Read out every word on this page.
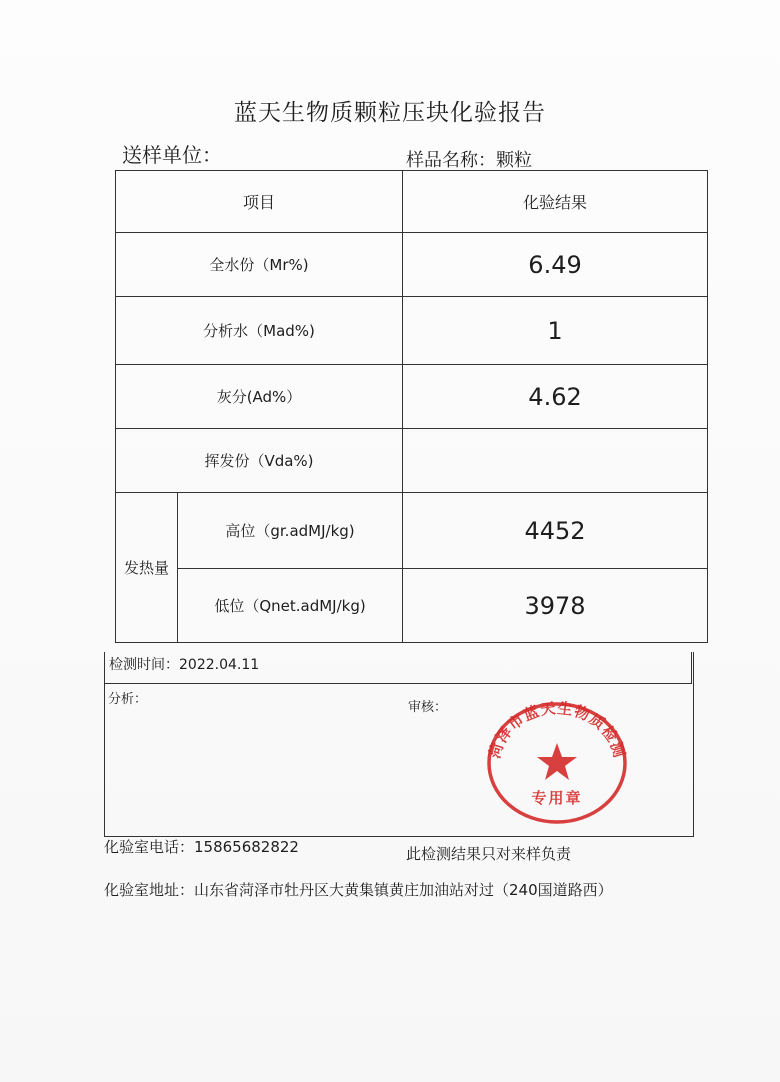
蓝天生物质颗粒压块化验报告
送样单位：	样品名称：颗粒
项目		化验结果
全水份（Mr%)		6.49
分析水（Mad%)		1
灰分(Ad%）		4.62
挥发份（Vda%)		
发热量	高位（gr.adMJ/kg)	4452
	低位（Qnet.adMJ/kg)	3978
检测时间：2022.04.11
分析：
审核：
菏泽市蓝天生物质检测
专用章
化验室电话：15865682822	此检测结果只对来样负责
化验室地址：山东省菏泽市牡丹区大黄集镇黄庄加油站对过（240国道路西）
